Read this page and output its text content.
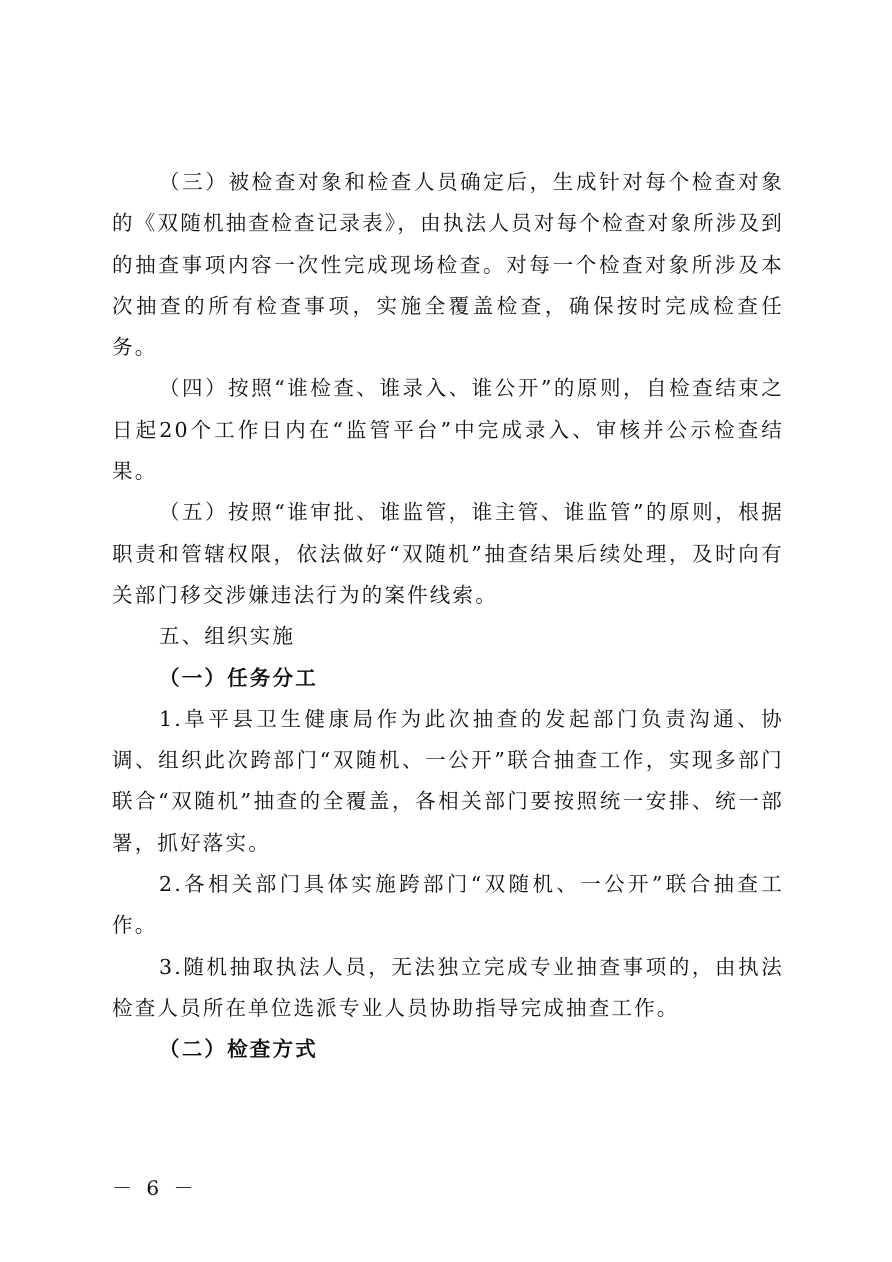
（三）被检查对象和检查人员确定后，生成针对每个检查对象的《双随机抽查检查记录表》，由执法人员对每个检查对象所涉及到的抽查事项内容一次性完成现场检查。对每一个检查对象所涉及本次抽查的所有检查事项，实施全覆盖检查，确保按时完成检查任务。

（四）按照“谁检查、谁录入、谁公开”的原则，自检查结束之日起20个工作日内在“监管平台”中完成录入、审核并公示检查结果。

（五）按照“谁审批、谁监管，谁主管、谁监管”的原则，根据职责和管辖权限，依法做好“双随机”抽查结果后续处理，及时向有关部门移交涉嫌违法行为的案件线索。

五、组织实施
（一）任务分工

1.阜平县卫生健康局作为此次抽查的发起部门负责沟通、协调、组织此次跨部门“双随机、一公开”联合抽查工作，实现多部门联合“双随机”抽查的全覆盖，各相关部门要按照统一安排、统一部署，抓好落实。

2.各相关部门具体实施跨部门“双随机、一公开”联合抽查工作。

3.随机抽取执法人员，无法独立完成专业抽查事项的，由执法检查人员所在单位选派专业人员协助指导完成抽查工作。

（二）检查方式
－ 6 －
